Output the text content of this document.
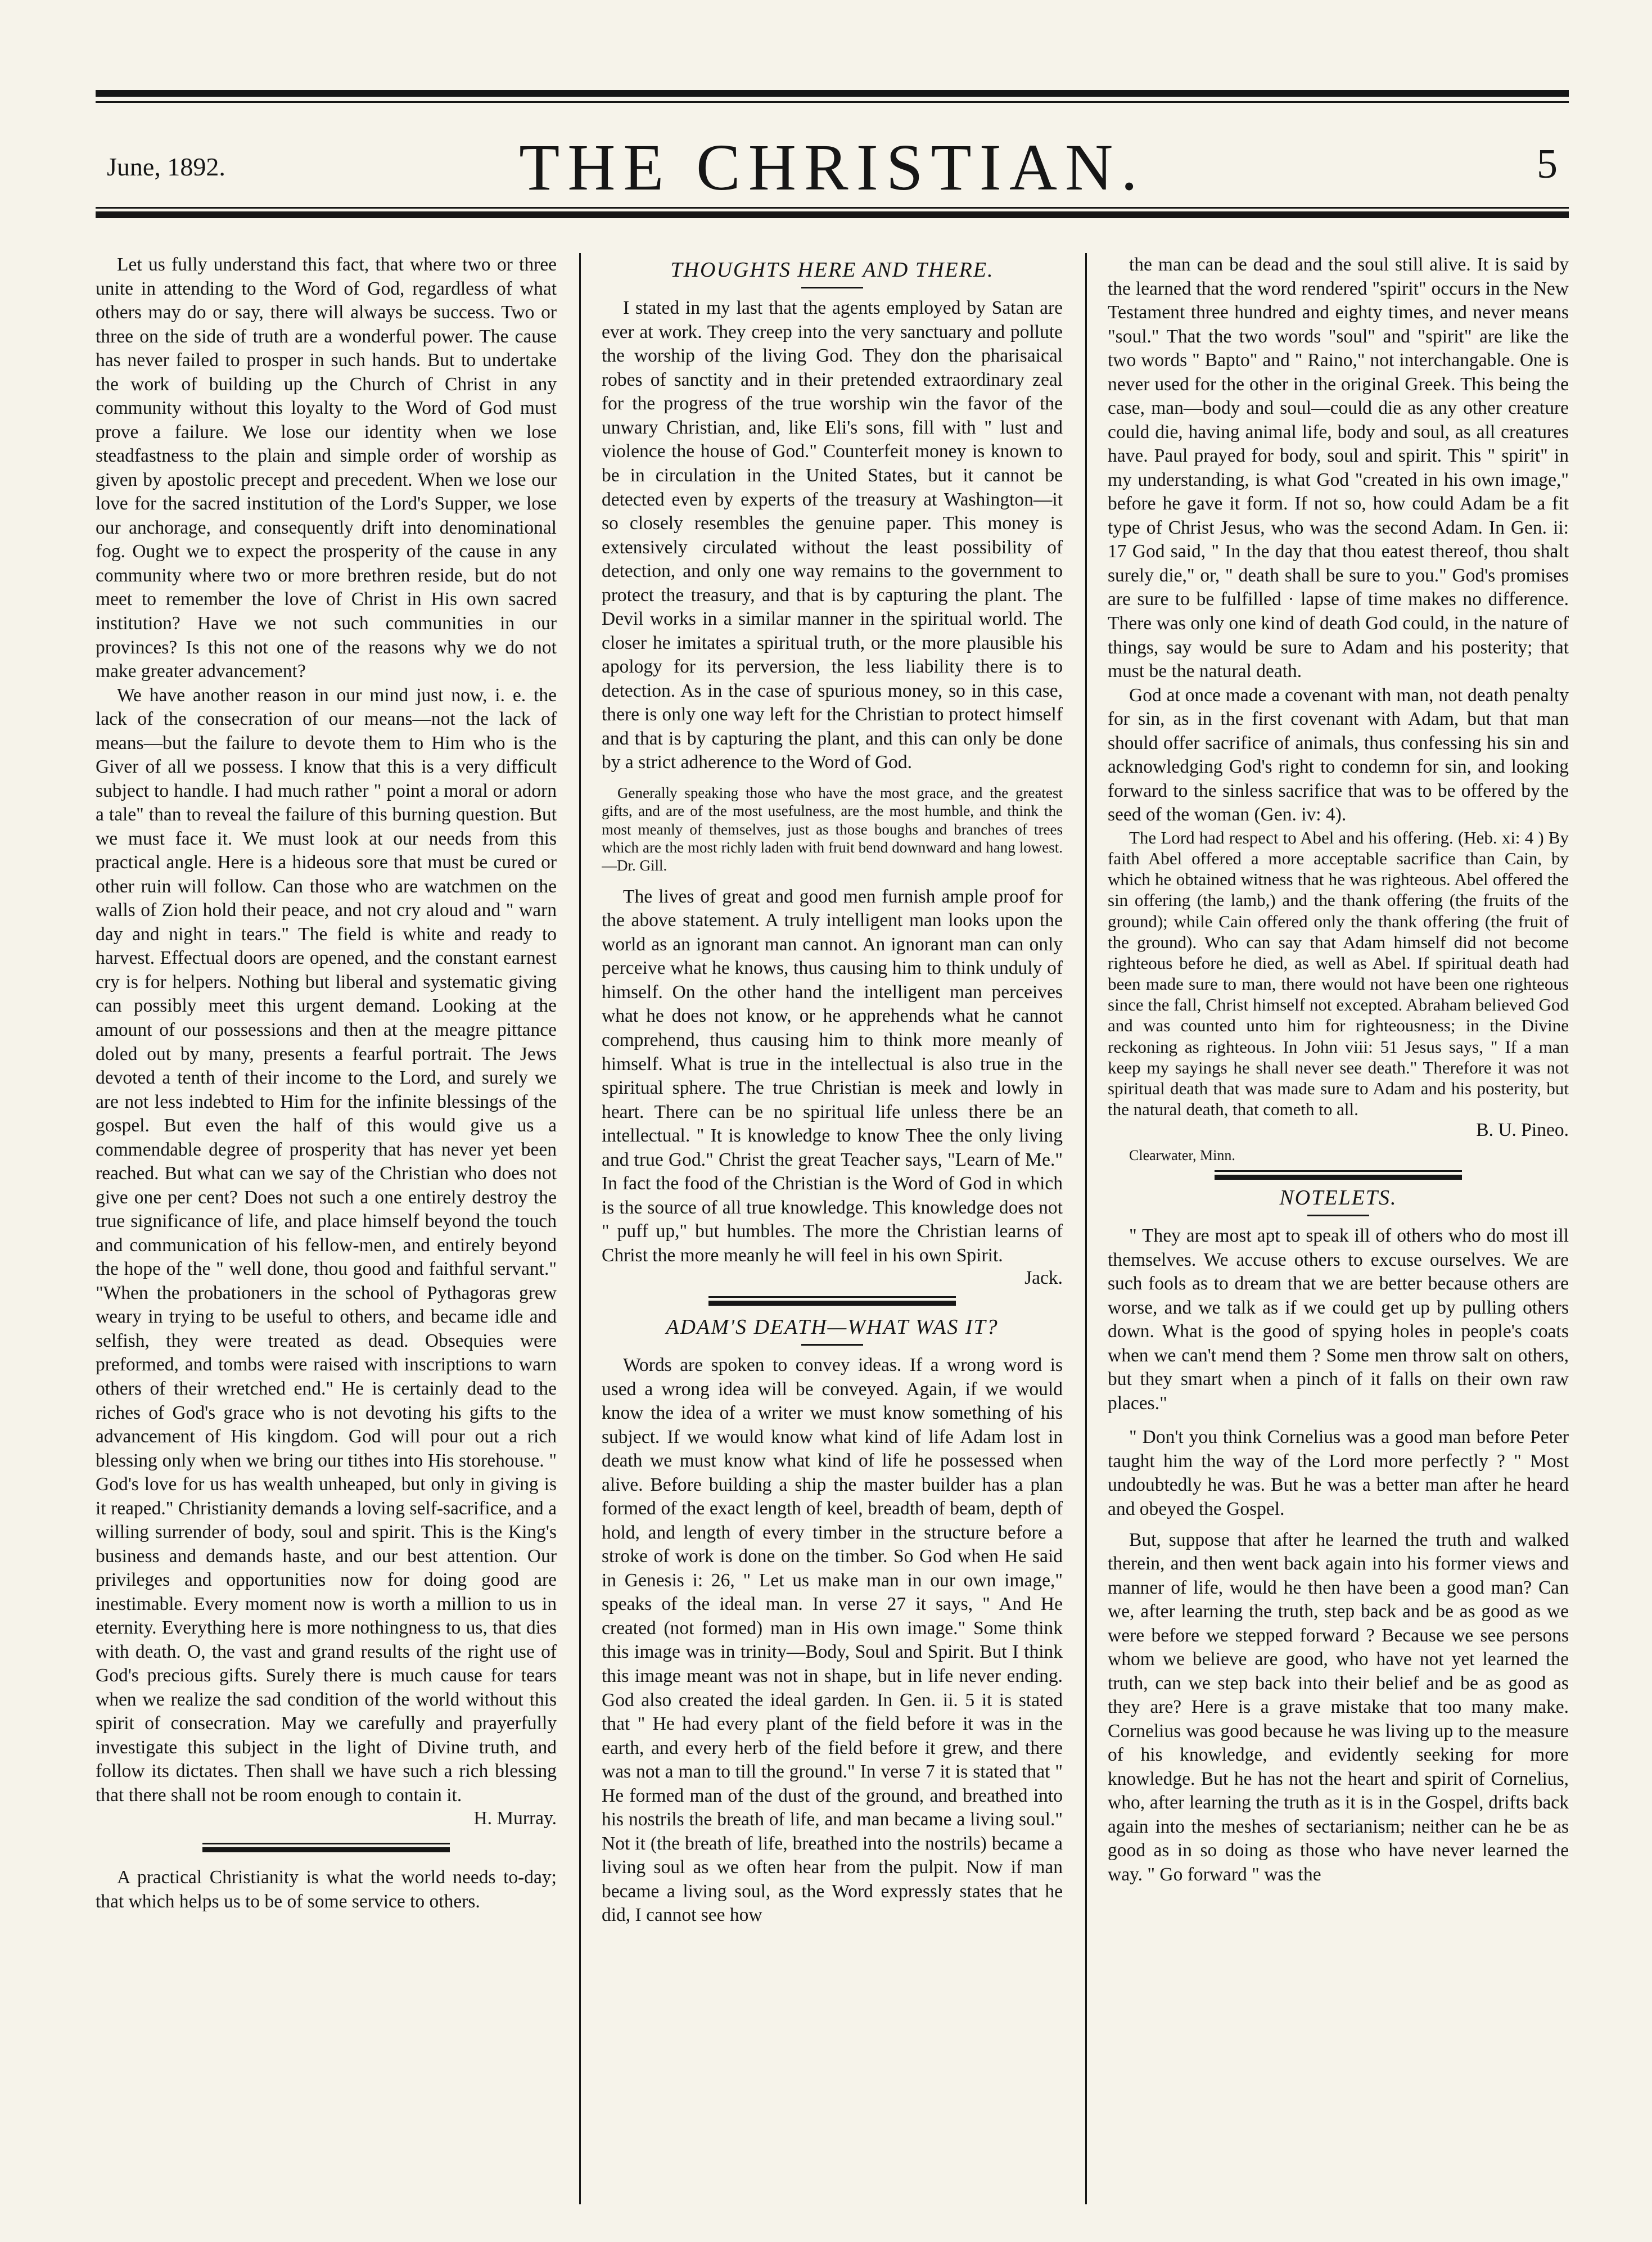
June, 1892.	THE CHRISTIAN.	5

Let us fully understand this fact, that where two or three unite in attending to the Word of God, regardless of what others may do or say, there will always be success. Two or three on the side of truth are a wonderful power. The cause has never failed to prosper in such hands. But to undertake the work of building up the Church of Christ in any community without this loyalty to the Word of God must prove a failure. We lose our identity when we lose steadfastness to the plain and simple order of worship as given by apostolic precept and precedent. When we lose our love for the sacred institution of the Lord's Supper, we lose our anchorage, and consequently drift into denominational fog. Ought we to expect the prosperity of the cause in any community where two or more brethren reside, but do not meet to remember the love of Christ in His own sacred institution? Have we not such communities in our provinces? Is this not one of the reasons why we do not make greater advancement?

We have another reason in our mind just now, i. e. the lack of the consecration of our means—not the lack of means—but the failure to devote them to Him who is the Giver of all we possess. I know that this is a very difficult subject to handle. I had much rather " point a moral or adorn a tale" than to reveal the failure of this burning question. But we must face it. We must look at our needs from this practical angle. Here is a hideous sore that must be cured or other ruin will follow. Can those who are watchmen on the walls of Zion hold their peace, and not cry aloud and " warn day and night in tears." The field is white and ready to harvest. Effectual doors are opened, and the constant earnest cry is for helpers. Nothing but liberal and systematic giving can possibly meet this urgent demand. Looking at the amount of our possessions and then at the meagre pittance doled out by many, presents a fearful portrait. The Jews devoted a tenth of their income to the Lord, and surely we are not less indebted to Him for the infinite blessings of the gospel. But even the half of this would give us a commendable degree of prosperity that has never yet been reached. But what can we say of the Christian who does not give one per cent? Does not such a one entirely destroy the true significance of life, and place himself beyond the touch and communication of his fellow-men, and entirely beyond the hope of the " well done, thou good and faithful servant." "When the probationers in the school of Pythagoras grew weary in trying to be useful to others, and became idle and selfish, they were treated as dead. Obsequies were preformed, and tombs were raised with inscriptions to warn others of their wretched end." He is certainly dead to the riches of God's grace who is not devoting his gifts to the advancement of His kingdom. God will pour out a rich blessing only when we bring our tithes into His storehouse. " God's love for us has wealth unheaped, but only in giving is it reaped." Christianity demands a loving self-sacrifice, and a willing surrender of body, soul and spirit. This is the King's business and demands haste, and our best attention. Our privileges and opportunities now for doing good are inestimable. Every moment now is worth a million to us in eternity. Everything here is more nothingness to us, that dies with death. O, the vast and grand results of the right use of God's precious gifts. Surely there is much cause for tears when we realize the sad condition of the world without this spirit of consecration. May we carefully and prayerfully investigate this subject in the light of Divine truth, and follow its dictates. Then shall we have such a rich blessing that there shall not be room enough to contain it.

H. Murray.

A practical Christianity is what the world needs to-day; that which helps us to be of some service to others.

THOUGHTS HERE AND THERE.

I stated in my last that the agents employed by Satan are ever at work. They creep into the very sanctuary and pollute the worship of the living God. They don the pharisaical robes of sanctity and in their pretended extraordinary zeal for the progress of the true worship win the favor of the unwary Christian, and, like Eli's sons, fill with " lust and violence the house of God." Counterfeit money is known to be in circulation in the United States, but it cannot be detected even by experts of the treasury at Washington—it so closely resembles the genuine paper. This money is extensively circulated without the least possibility of detection, and only one way remains to the government to protect the treasury, and that is by capturing the plant. The Devil works in a similar manner in the spiritual world. The closer he imitates a spiritual truth, or the more plausible his apology for its perversion, the less liability there is to detection. As in the case of spurious money, so in this case, there is only one way left for the Christian to protect himself and that is by capturing the plant, and this can only be done by a strict adherence to the Word of God.

Generally speaking those who have the most grace, and the greatest gifts, and are of the most usefulness, are the most humble, and think the most meanly of themselves, just as those boughs and branches of trees which are the most richly laden with fruit bend downward and hang lowest.—Dr. Gill.

The lives of great and good men furnish ample proof for the above statement. A truly intelligent man looks upon the world as an ignorant man cannot. An ignorant man can only perceive what he knows, thus causing him to think unduly of himself. On the other hand the intelligent man perceives what he does not know, or he apprehends what he cannot comprehend, thus causing him to think more meanly of himself. What is true in the intellectual is also true in the spiritual sphere. The true Christian is meek and lowly in heart. There can be no spiritual life unless there be an intellectual. " It is knowledge to know Thee the only living and true God." Christ the great Teacher says, "Learn of Me." In fact the food of the Christian is the Word of God in which is the source of all true knowledge. This knowledge does not " puff up," but humbles. The more the Christian learns of Christ the more meanly he will feel in his own Spirit.

Jack.
ADAM'S DEATH—WHAT WAS IT?

Words are spoken to convey ideas. If a wrong word is used a wrong idea will be conveyed. Again, if we would know the idea of a writer we must know something of his subject. If we would know what kind of life Adam lost in death we must know what kind of life he possessed when alive. Before building a ship the master builder has a plan formed of the exact length of keel, breadth of beam, depth of hold, and length of every timber in the structure before a stroke of work is done on the timber. So God when He said in Genesis i: 26, " Let us make man in our own image," speaks of the ideal man. In verse 27 it says, " And He created (not formed) man in His own image." Some think this image was in trinity—Body, Soul and Spirit. But I think this image meant was not in shape, but in life never ending. God also created the ideal garden. In Gen. ii. 5 it is stated that " He had every plant of the field before it was in the earth, and every herb of the field before it grew, and there was not a man to till the ground." In verse 7 it is stated that " He formed man of the dust of the ground, and breathed into his nostrils the breath of life, and man became a living soul." Not it (the breath of life, breathed into the nostrils) became a living soul as we often hear from the pulpit. Now if man became a living soul, as the Word expressly states that he did, I cannot see how

the man can be dead and the soul still alive. It is said by the learned that the word rendered "spirit" occurs in the New Testament three hundred and eighty times, and never means "soul." That the two words "soul" and "spirit" are like the two words " Bapto" and " Raino," not interchangable. One is never used for the other in the original Greek. This being the case, man—body and soul—could die as any other creature could die, having animal life, body and soul, as all creatures have. Paul prayed for body, soul and spirit. This " spirit" in my understanding, is what God "created in his own image," before he gave it form. If not so, how could Adam be a fit type of Christ Jesus, who was the second Adam. In Gen. ii: 17 God said, " In the day that thou eatest thereof, thou shalt surely die," or, " death shall be sure to you." God's promises are sure to be fulfilled · lapse of time makes no difference. There was only one kind of death God could, in the nature of things, say would be sure to Adam and his posterity; that must be the natural death.

God at once made a covenant with man, not death penalty for sin, as in the first covenant with Adam, but that man should offer sacrifice of animals, thus confessing his sin and acknowledging God's right to condemn for sin, and looking forward to the sinless sacrifice that was to be offered by the seed of the woman (Gen. iv: 4).

The Lord had respect to Abel and his offering. (Heb. xi: 4 ) By faith Abel offered a more acceptable sacrifice than Cain, by which he obtained witness that he was righteous. Abel offered the sin offering (the lamb,) and the thank offering (the fruits of the ground); while Cain offered only the thank offering (the fruit of the ground). Who can say that Adam himself did not become righteous before he died, as well as Abel. If spiritual death had been made sure to man, there would not have been one righteous since the fall, Christ himself not excepted. Abraham believed God and was counted unto him for righteousness; in the Divine reckoning as righteous. In John viii: 51 Jesus says, " If a man keep my sayings he shall never see death." Therefore it was not spiritual death that was made sure to Adam and his posterity, but the natural death, that cometh to all.

B. U. Pineo.
Clearwater, Minn.
NOTELETS.

" They are most apt to speak ill of others who do most ill themselves. We accuse others to excuse ourselves. We are such fools as to dream that we are better because others are worse, and we talk as if we could get up by pulling others down. What is the good of spying holes in people's coats when we can't mend them ? Some men throw salt on others, but they smart when a pinch of it falls on their own raw places."

" Don't you think Cornelius was a good man before Peter taught him the way of the Lord more perfectly ? " Most undoubtedly he was. But he was a better man after he heard and obeyed the Gospel.

But, suppose that after he learned the truth and walked therein, and then went back again into his former views and manner of life, would he then have been a good man? Can we, after learning the truth, step back and be as good as we were before we stepped forward ? Because we see persons whom we believe are good, who have not yet learned the truth, can we step back into their belief and be as good as they are? Here is a grave mistake that too many make. Cornelius was good because he was living up to the measure of his knowledge, and evidently seeking for more knowledge. But he has not the heart and spirit of Cornelius, who, after learning the truth as it is in the Gospel, drifts back again into the meshes of sectarianism; neither can he be as good as in so doing as those who have never learned the way. " Go forward " was the
